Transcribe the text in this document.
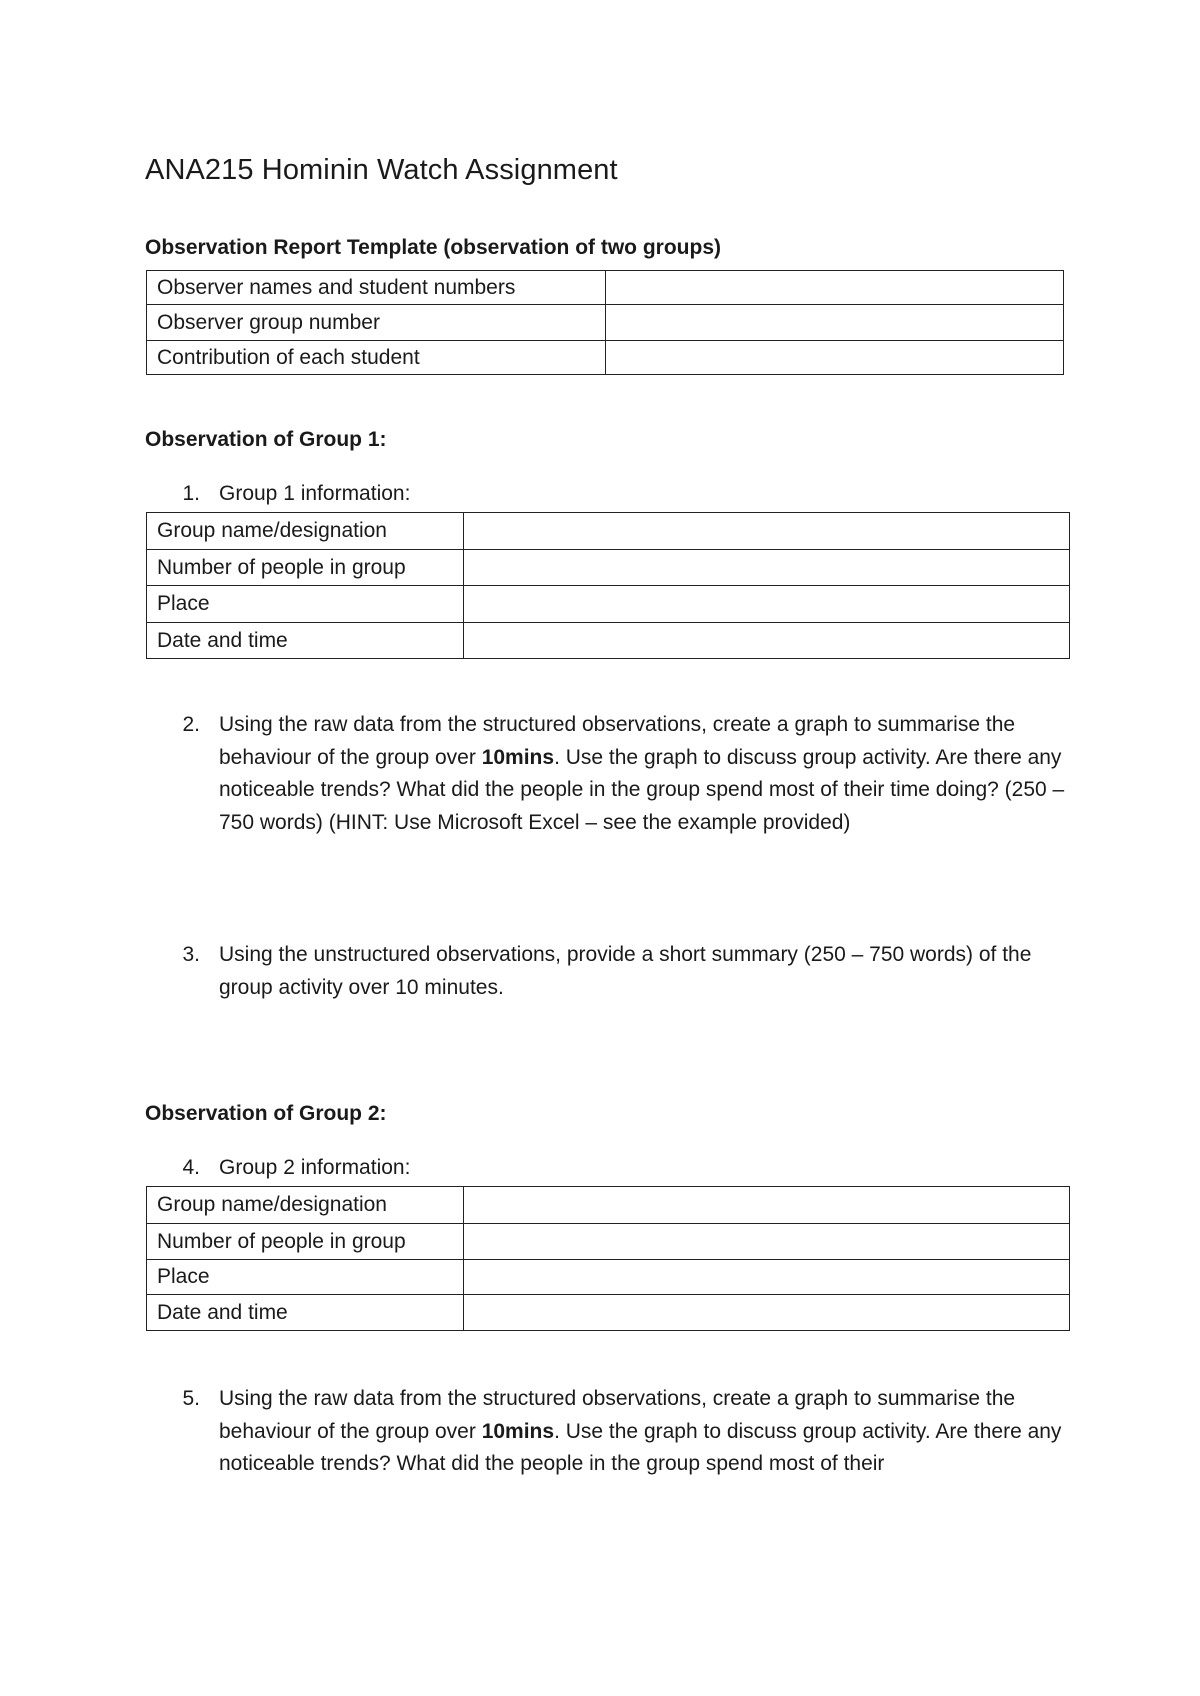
ANA215 Hominin Watch Assignment
Observation Report Template (observation of two groups)
Observer names and student numbers	
Observer group number	
Contribution of each student	
Observation of Group 1:
1. Group 1 information:
Group name/designation	
Number of people in group	
Place	
Date and time	
2. Using the raw data from the structured observations, create a graph to summarise the behaviour of the group over 10mins. Use the graph to discuss group activity. Are there any noticeable trends? What did the people in the group spend most of their time doing? (250 – 750 words) (HINT: Use Microsoft Excel – see the example provided)
3. Using the unstructured observations, provide a short summary (250 – 750 words) of the group activity over 10 minutes.
Observation of Group 2:
4. Group 2 information:
Group name/designation	
Number of people in group	
Place	
Date and time	
5. Using the raw data from the structured observations, create a graph to summarise the behaviour of the group over 10mins. Use the graph to discuss group activity. Are there any noticeable trends? What did the people in the group spend most of their
